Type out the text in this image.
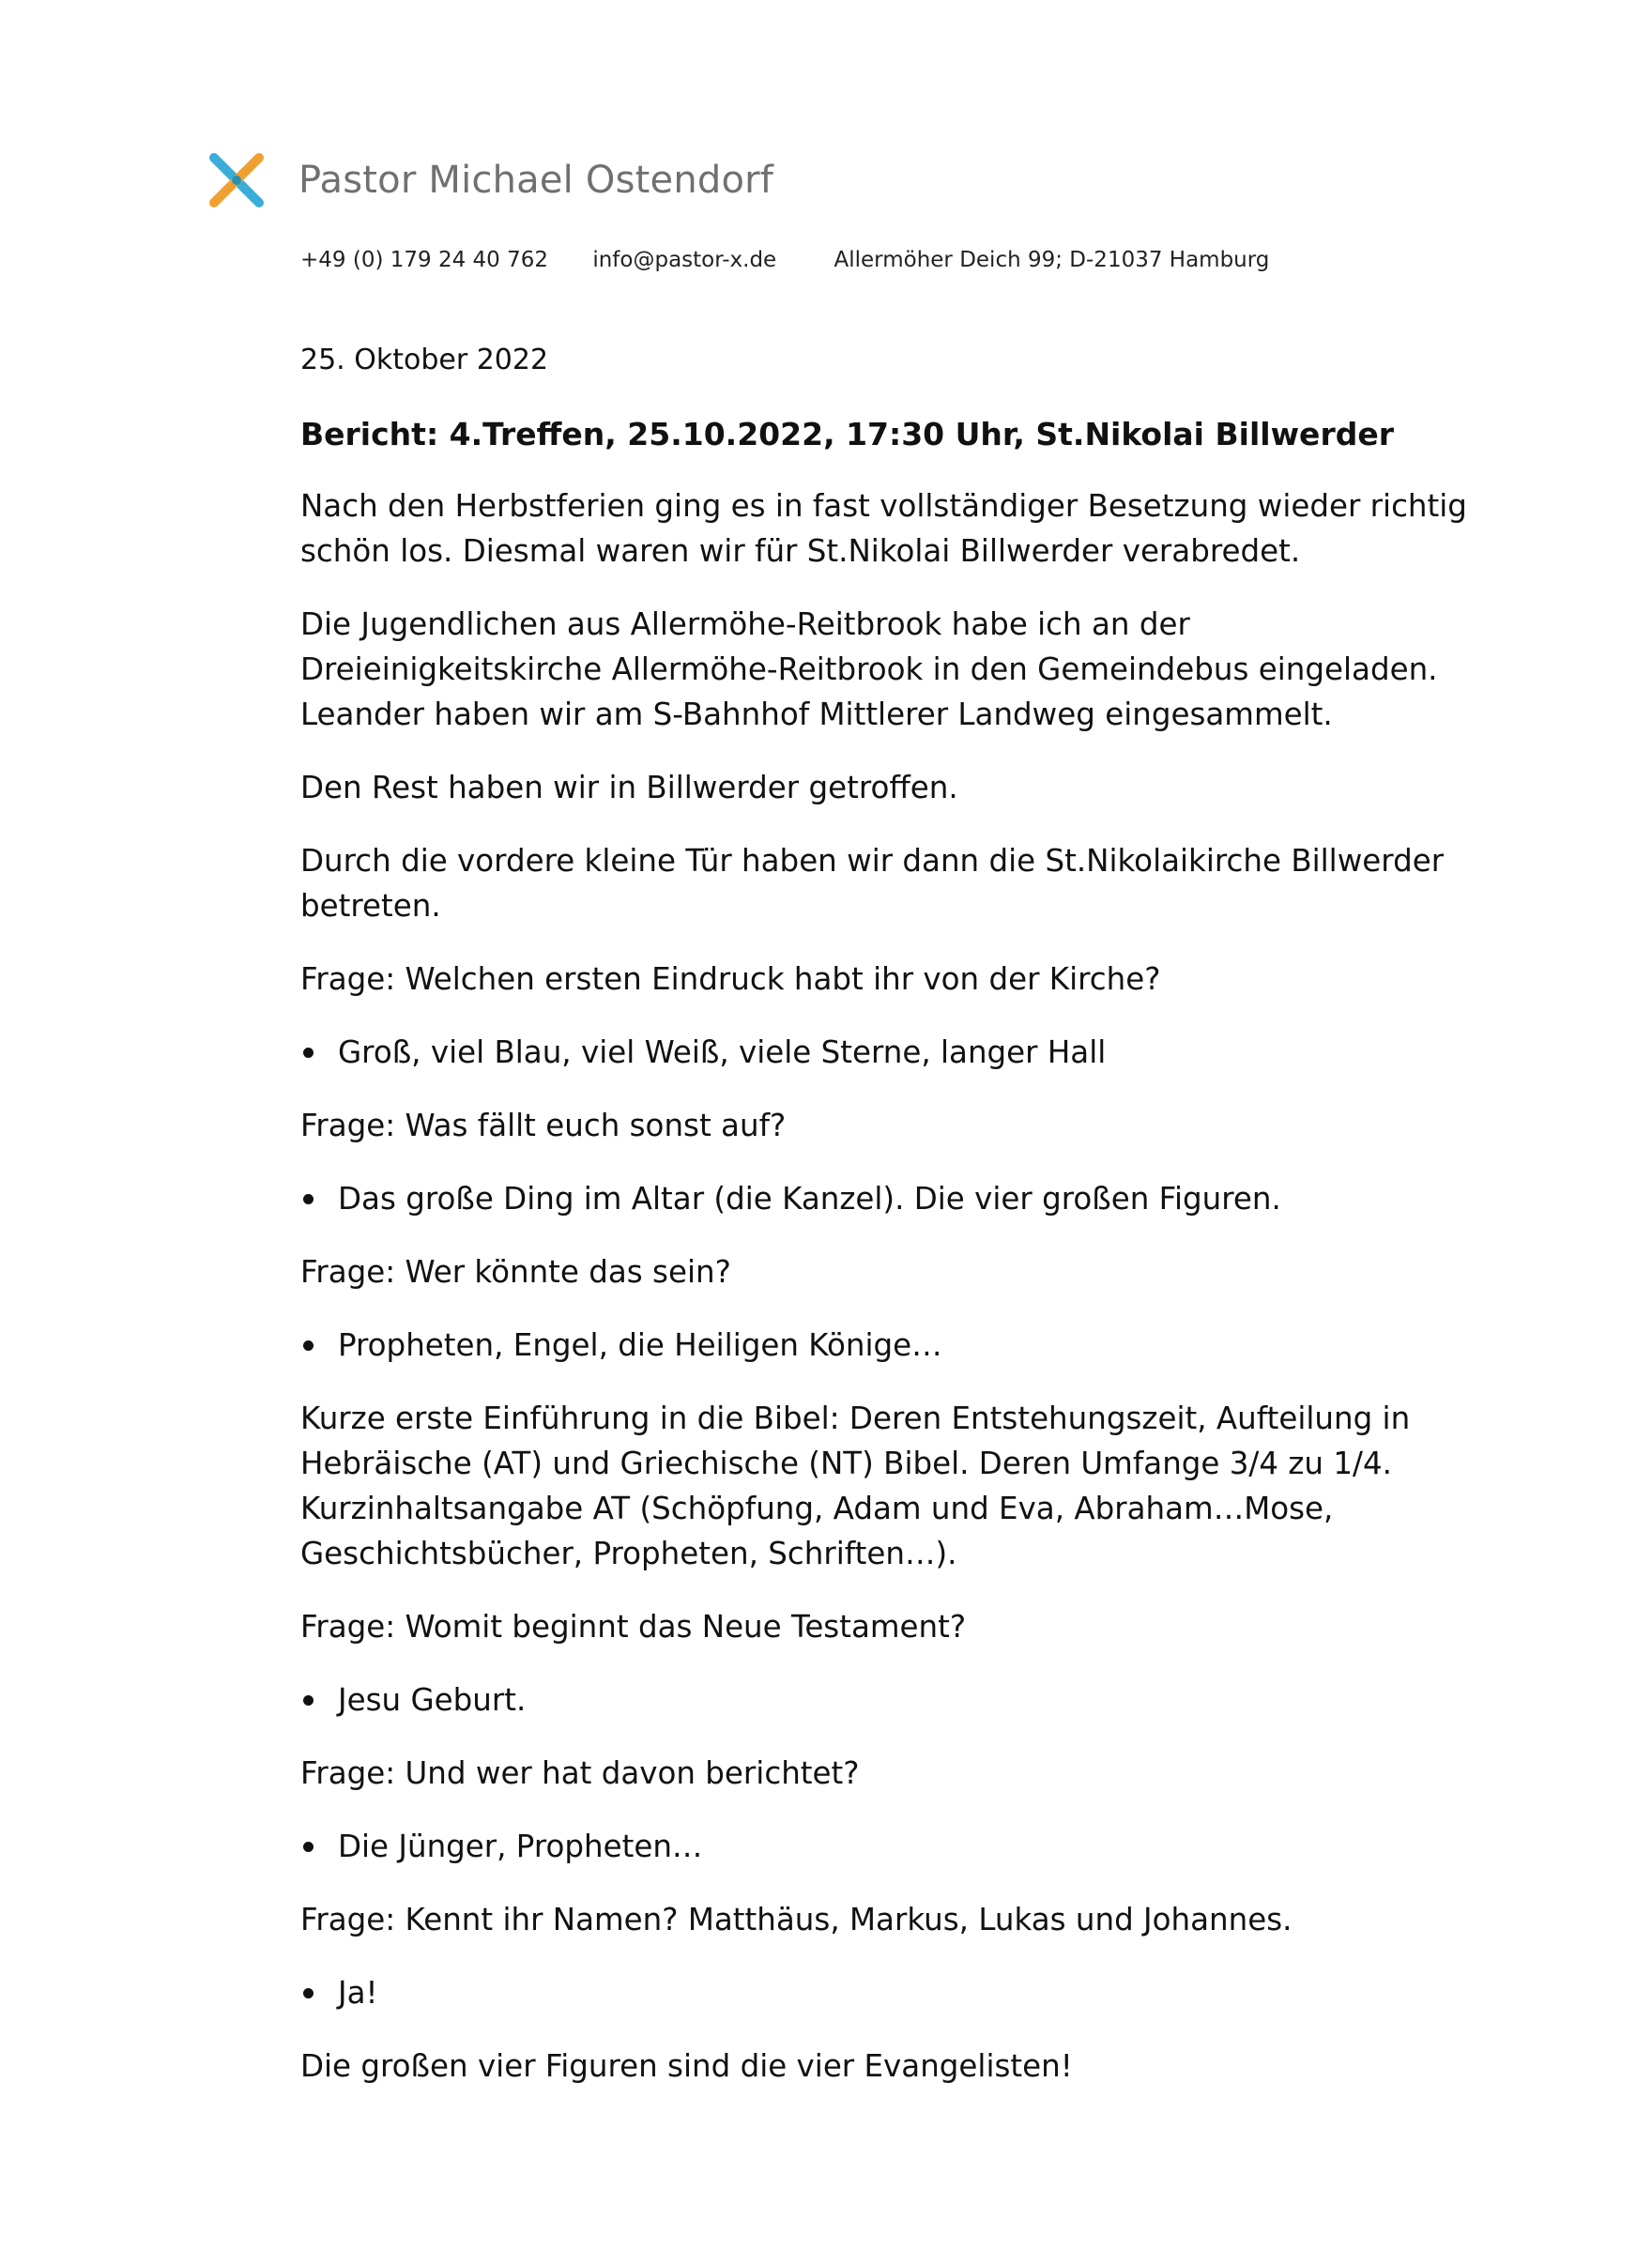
Pastor Michael Ostendorf
+49 (0) 179 24 40 762 info@pastor-x.de	Allermöher Deich 99; D-21037 Hamburg
25. Oktober 2022
Bericht: 4.Treffen, 25.10.2022, 17:30 Uhr, St.Nikolai Billwerder
Nach den Herbstferien ging es in fast vollständiger Besetzung wieder richtig schön los. Diesmal waren wir für St.Nikolai Billwerder verabredet.
Die Jugendlichen aus Allermöhe-Reitbrook habe ich an der Dreieinigkeitskirche Allermöhe-Reitbrook in den Gemeindebus eingeladen. Leander haben wir am S-Bahnhof Mittlerer Landweg eingesammelt.
Den Rest haben wir in Billwerder getroffen.
Durch die vordere kleine Tür haben wir dann die St.Nikolaikirche Billwerder betreten.
Frage: Welchen ersten Eindruck habt ihr von der Kirche?
Groß, viel Blau, viel Weiß, viele Sterne, langer Hall
Frage: Was fällt euch sonst auf?
Das große Ding im Altar (die Kanzel). Die vier großen Figuren.
Frage: Wer könnte das sein?
Propheten, Engel, die Heiligen Könige…
Kurze erste Einführung in die Bibel: Deren Entstehungszeit, Aufteilung in Hebräische (AT) und Griechische (NT) Bibel. Deren Umfange 3/4 zu 1/4. Kurzinhaltsangabe AT (Schöpfung, Adam und Eva, Abraham…Mose, Geschichtsbücher, Propheten, Schriften…).
Frage: Womit beginnt das Neue Testament?
Jesu Geburt.
Frage: Und wer hat davon berichtet?
Die Jünger, Propheten…
Frage: Kennt ihr Namen? Matthäus, Markus, Lukas und Johannes.
Ja!
Die großen vier Figuren sind die vier Evangelisten!
